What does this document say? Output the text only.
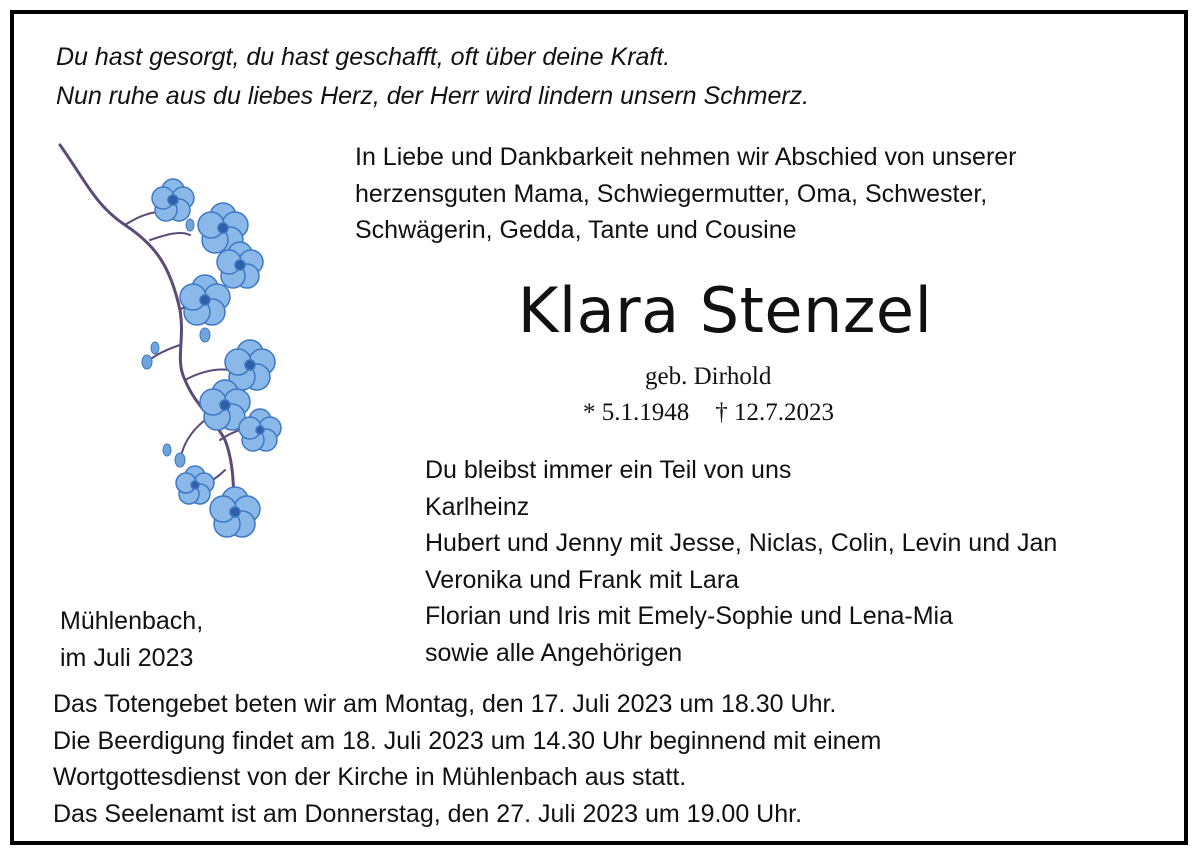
Du hast gesorgt, du hast geschafft, oft über deine Kraft.
Nun ruhe aus du liebes Herz, der Herr wird lindern unsern Schmerz.
In Liebe und Dankbarkeit nehmen wir Abschied von unserer
herzensguten Mama, Schwiegermutter, Oma, Schwester,
Schwägerin, Gedda, Tante und Cousine
Klara Stenzel
geb. Dirhold
* 5.1.1948 † 12.7.2023
Du bleibst immer ein Teil von uns
Karlheinz
Hubert und Jenny mit Jesse, Niclas, Colin, Levin und Jan
Veronika und Frank mit Lara
Florian und Iris mit Emely-Sophie und Lena-Mia
sowie alle Angehörigen
Mühlenbach,
im Juli 2023
Das Totengebet beten wir am Montag, den 17. Juli 2023 um 18.30 Uhr.
Die Beerdigung findet am 18. Juli 2023 um 14.30 Uhr beginnend mit einem
Wortgottesdienst von der Kirche in Mühlenbach aus statt.
Das Seelenamt ist am Donnerstag, den 27. Juli 2023 um 19.00 Uhr.
